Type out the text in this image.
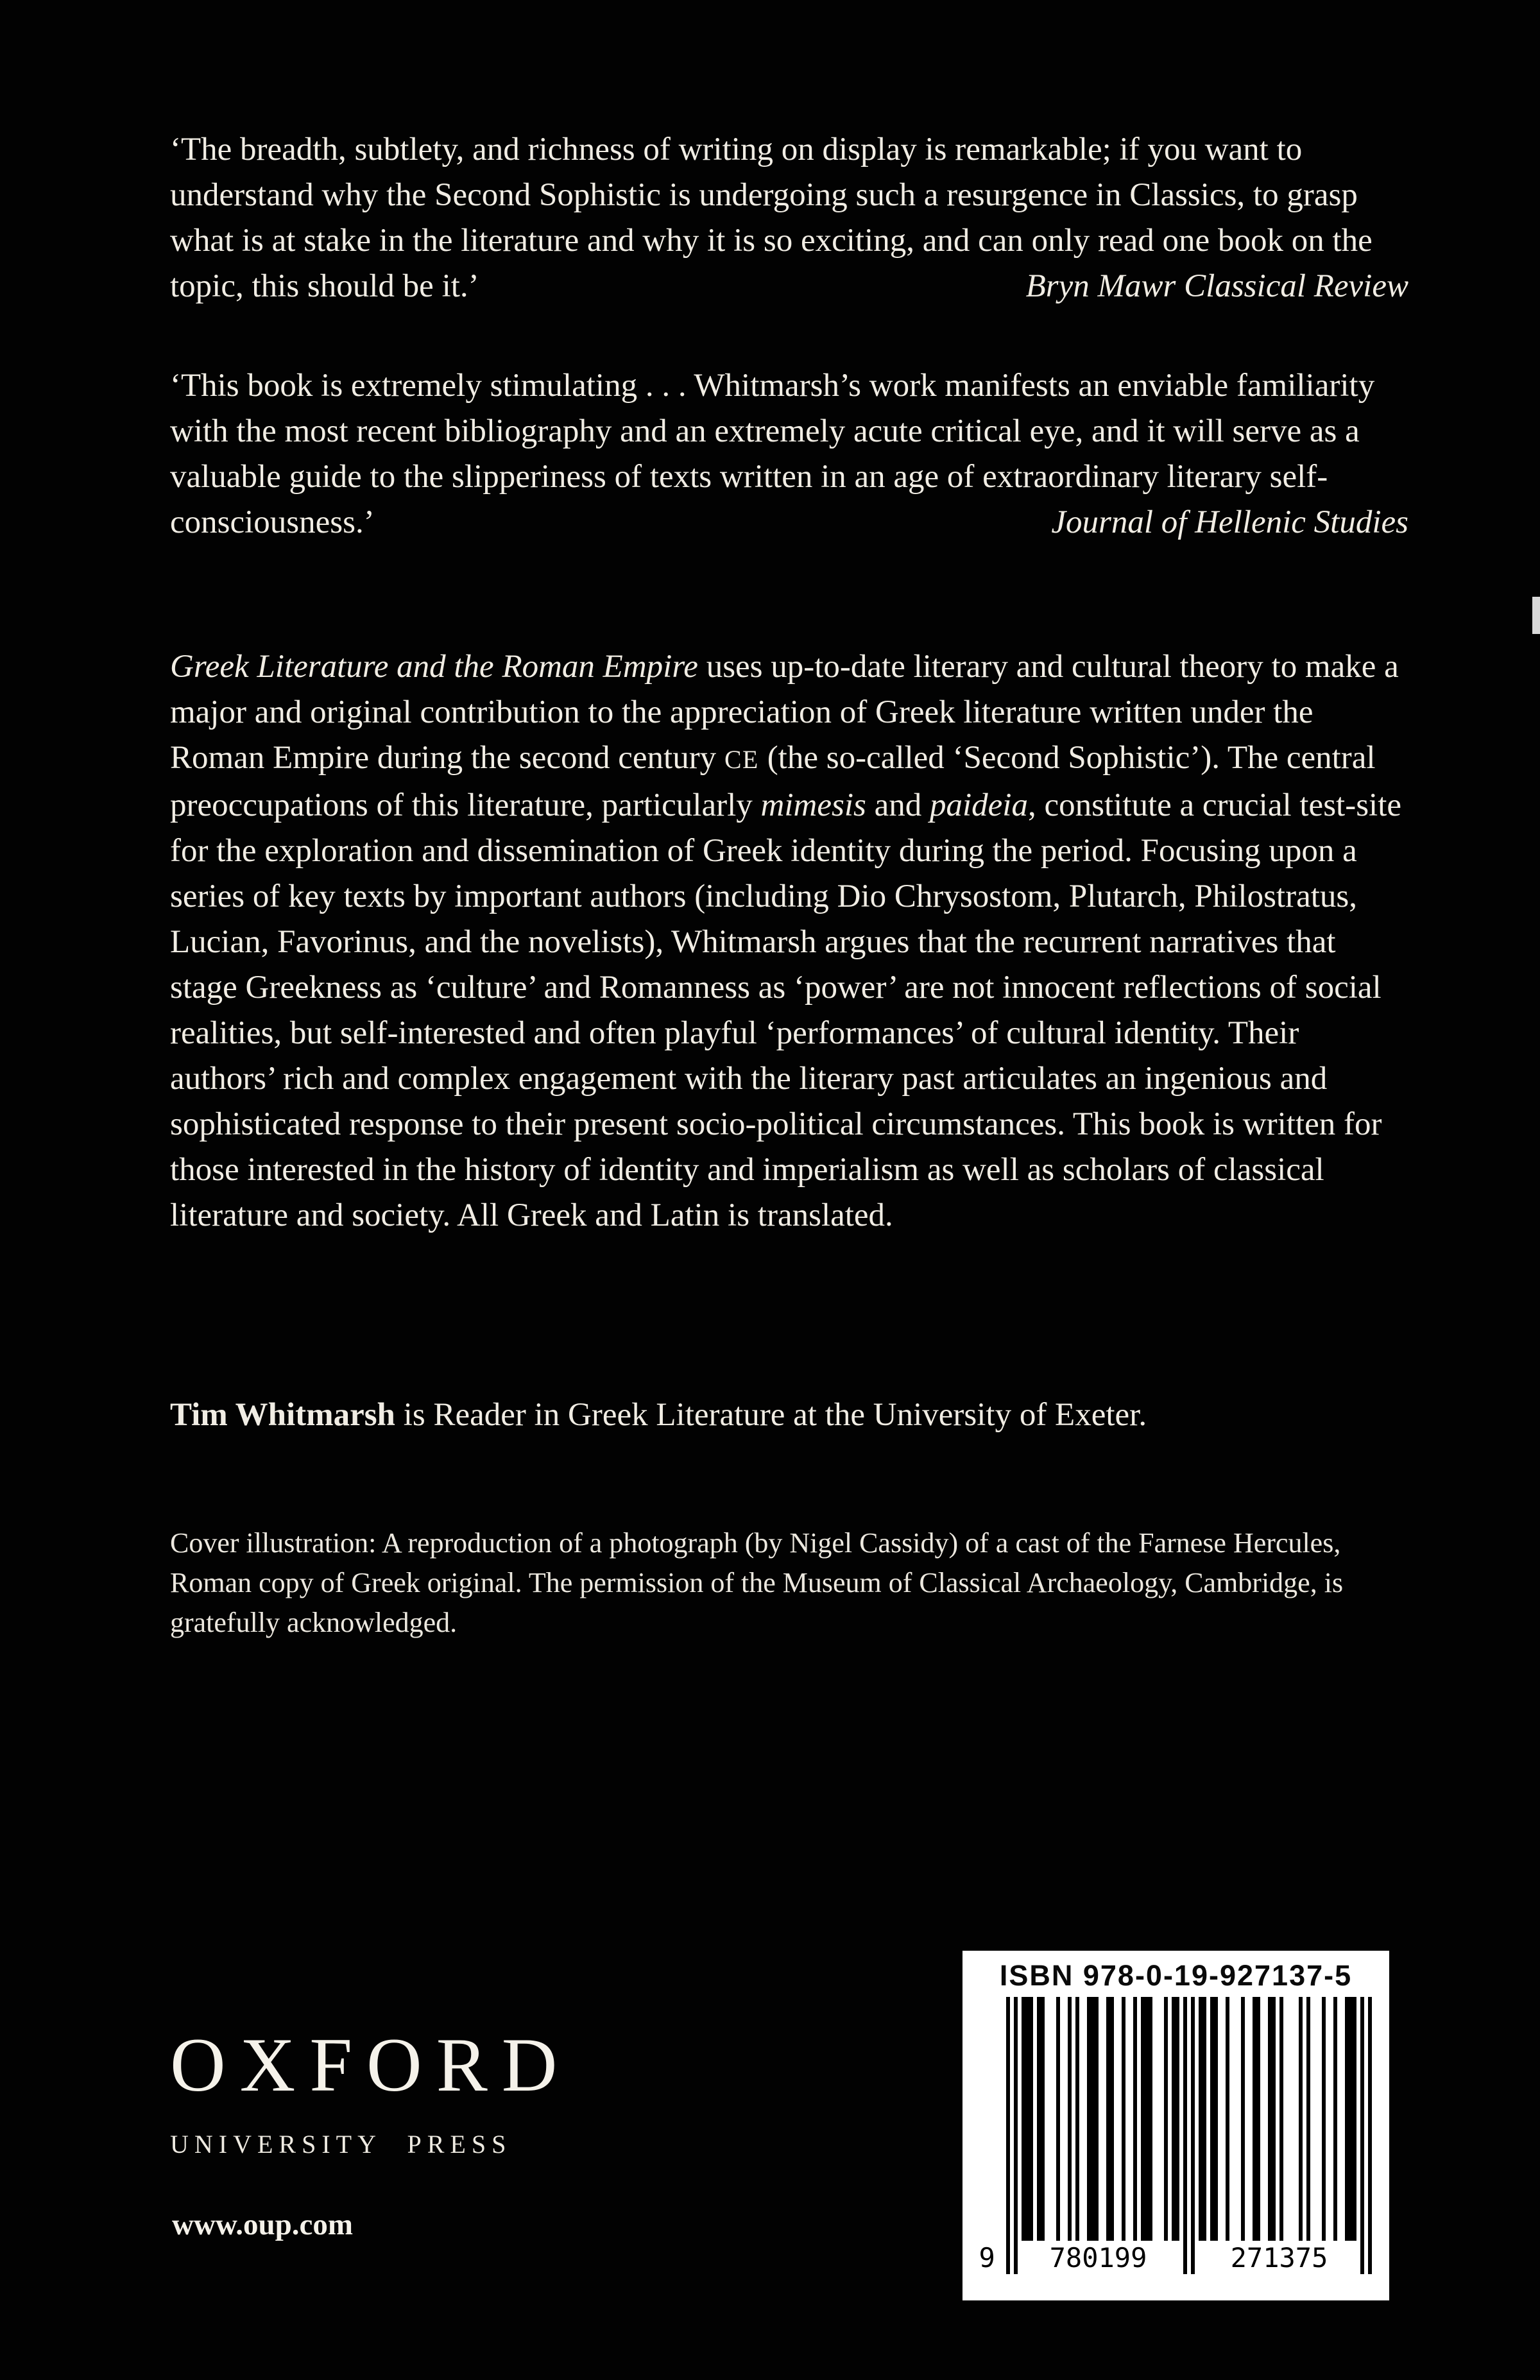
‘The breadth, subtlety, and richness of writing on display is remarkable; if you want to understand why the Second Sophistic is undergoing such a resurgence in Classics, to grasp what is at stake in the literature and why it is so exciting, and can only read one book on the topic, this should be it.’	Bryn Mawr Classical Review

‘This book is extremely stimulating . . . Whitmarsh’s work manifests an enviable familiarity with the most recent bibliography and an extremely acute critical eye, and it will serve as a valuable guide to the slipperiness of texts written in an age of extraordinary literary self-consciousness.’	Journal of Hellenic Studies

Greek Literature and the Roman Empire uses up-to-date literary and cultural theory to make a major and original contribution to the appreciation of Greek literature written under the Roman Empire during the second century CE (the so-called ‘Second Sophistic’). The central preoccupations of this literature, particularly mimesis and paideia, constitute a crucial test-site for the exploration and dissemination of Greek identity during the period. Focusing upon a series of key texts by important authors (including Dio Chrysostom, Plutarch, Philostratus, Lucian, Favorinus, and the novelists), Whitmarsh argues that the recurrent narratives that stage Greekness as ‘culture’ and Romanness as ‘power’ are not innocent reflections of social realities, but self-interested and often playful ‘performances’ of cultural identity. Their authors’ rich and complex engagement with the literary past articulates an ingenious and sophisticated response to their present socio-political circumstances. This book is written for those interested in the history of identity and imperialism as well as scholars of classical literature and society. All Greek and Latin is translated.

Tim Whitmarsh is Reader in Greek Literature at the University of Exeter.

Cover illustration: A reproduction of a photograph (by Nigel Cassidy) of a cast of the Farnese Hercules, Roman copy of Greek original. The permission of the Museum of Classical Archaeology, Cambridge, is gratefully acknowledged.

OXFORD
UNIVERSITY PRESS
www.oup.com
ISBN 978-0-19-927137-5
9	780199	271375
